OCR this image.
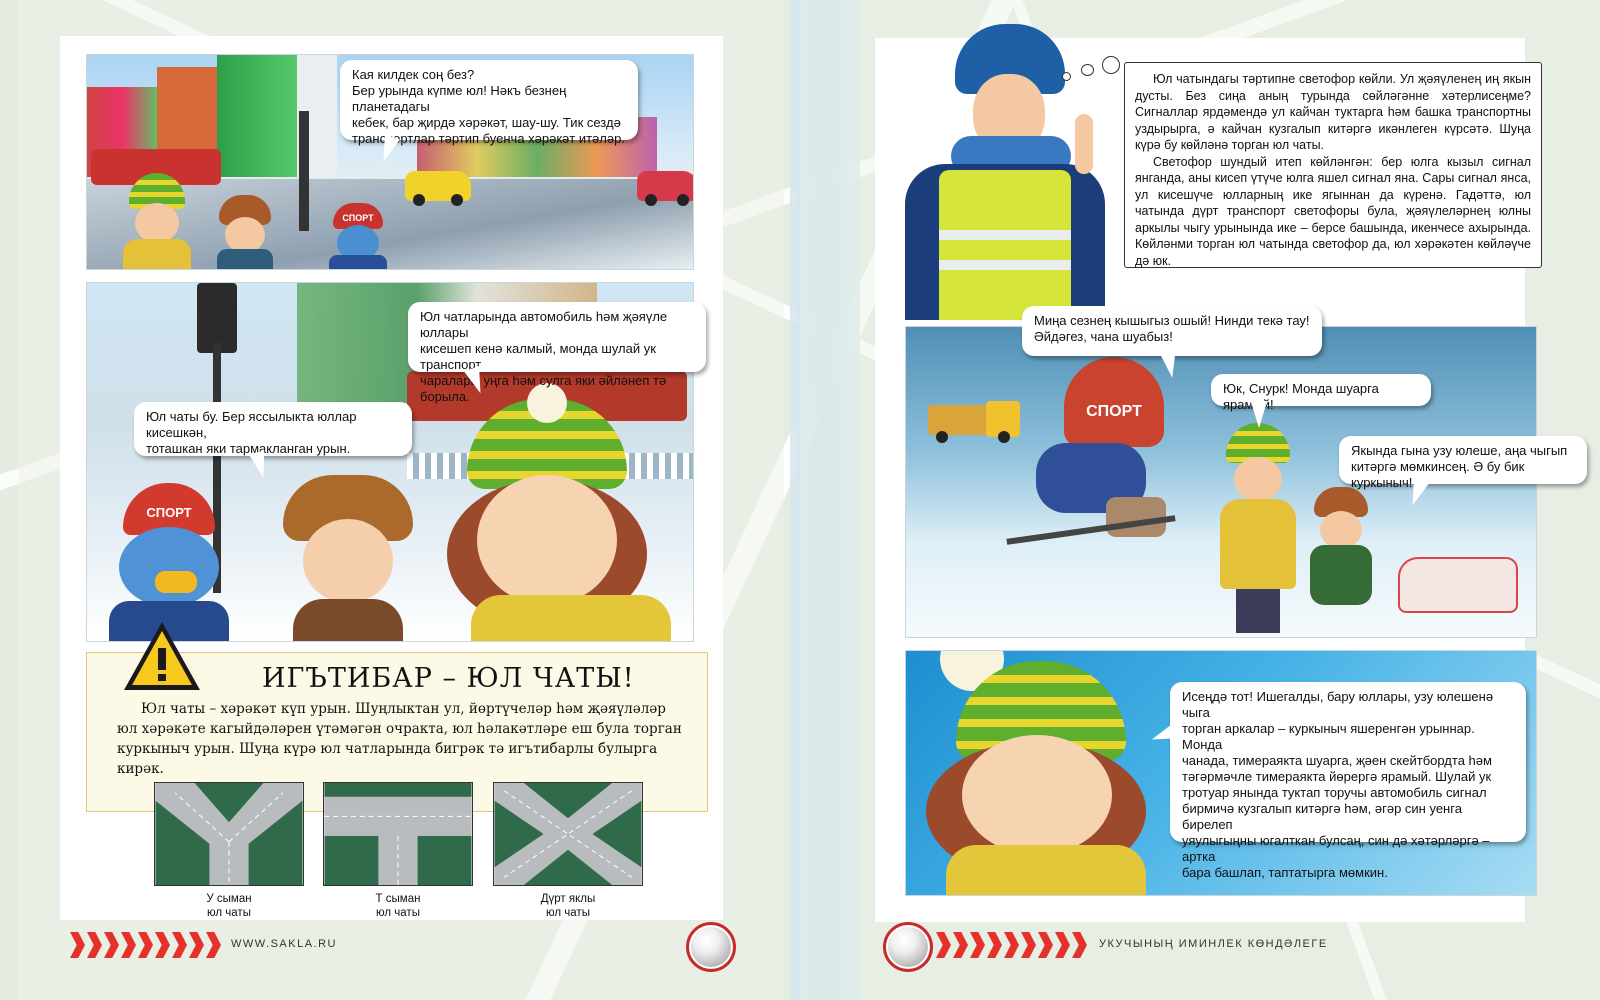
СПОРТ
Кая килдек соң без?
Бер урында күпме юл! Нәкъ безнең планетадагы
кебек, бар җирдә хәрәкәт, шау-шу. Тик сездә
транспортлар тәртип буенча хәрәкәт итәләр.
СПОРТ
Юл чатларында автомобиль һәм җәяүле юллары
кисешеп кенә калмый, монда шулай ук транспорт
чаралары уңга һәм сулга яки әйләнеп тә борыла.
Юл чаты бу. Бер яссылыкта юллар кисешкән,
тоташкан яки тармакланган урын.
ИГЪТИБАР – ЮЛ ЧАТЫ!
Юл чаты – хәрәкәт күп урын. Шуңлыктан ул, йөртүчеләр һәм җәяүләләр
юл хәрәкәте кагыйдәләрен үтәмәгән очракта, юл һәлакәтләре еш була торган
куркыныч урын. Шуңа күрә юл чатларында бигрәк тә игътибарлы булырга
кирәк.
У сыман
юл чаты
Т сыман
юл чаты
Дүрт яклы
юл чаты
WWW.SAKLA.RU

Юл чатындагы тәртипне светофор көйли. Ул җәяүленең иң якын дусты. Без сиңа аның турында сөйләгәнне хәтерлисеңме? Сигналлар ярдәмендә ул кайчан туктарга һәм башка транспортны уздырырга, ә кайчан кузгалып китәргә икәнлеген күрсәтә. Шуңа күрә бу көйләнә торган юл чаты.

Светофор шундый итеп көйләнгән: бер юлга кызыл сигнал янганда, аны кисеп үтүче юлга яшел сигнал яна. Сары сигнал янса, ул кисешүче юлларның ике ягыннан да күренә. Гадәттә, юл чатында дүрт транспорт светофоры була, җәяүлеләрнең юлны аркылы чыгу урынында ике – берсе башында, икенчесе ахырында. Көйләнми торган юл чатында светофор да, юл хәрәкәтен көйләүче дә юк.

СПОРТ
Миңа сезнең кышыгыз ошый! Нинди текә тау!
Әйдәгез, чана шуабыз!
Юк, Снурк! Монда шуарга ярамый!
Якында гына узу юлеше, аңа чыгып
китәргә мөмкинсең. Ә бу бик куркыныч!
Исеңдә тот! Ишегалды, бару юллары, узу юлешенә чыга
торган аркалар – куркыныч яшеренгән урыннар. Монда
чанада, тимераякта шуарга, җәен скейтбордта һәм
тәгәрмәчле тимераякта йөрергә ярамый. Шулай ук
тротуар янында туктап торучы автомобиль сигнал
бирмичә кузгалып китәргә һәм, әгәр син уенга бирелеп
уяулыгыңны югалткан булсаң, син дә хәтәрләргә – артка
бара башлап, таптатырга мөмкин.
УКУЧЫНЫҢ ИМИНЛЕК КӨНДӘЛЕГЕ
